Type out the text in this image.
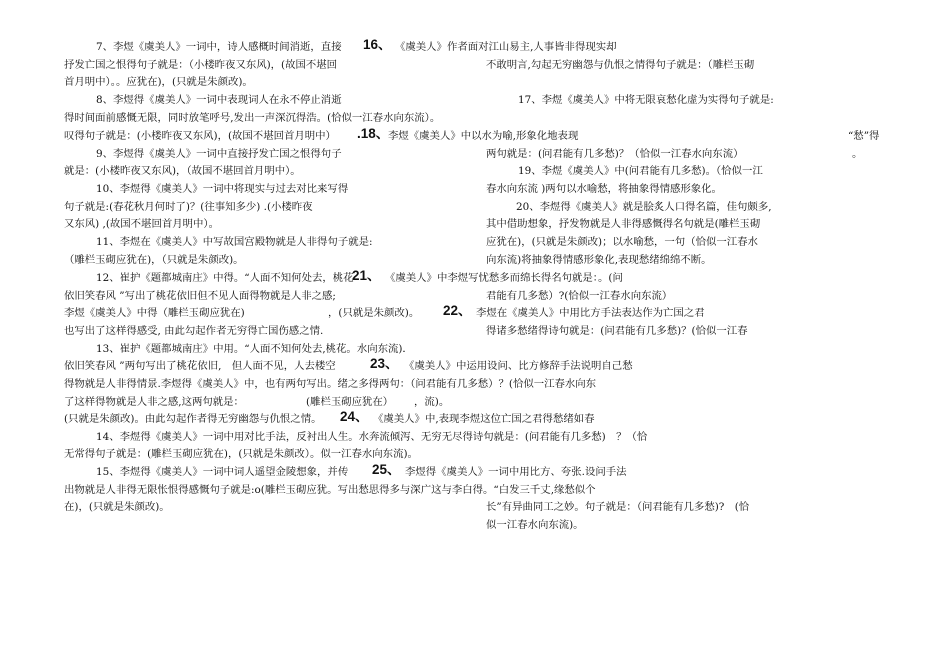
7、李煜《虞美人》一词中，诗人感概时间消逝，直接 16、 《虞美人》作者面对江山易主,人事皆非得现实却
抒发亡国之恨得句子就是：（小楼昨夜又东风)，(故国不堪回	不敢明言,勾起无穷幽怨与仇恨之情得句子就是：（雕栏玉砌
首月明中）。。应犹在)，(只就是朱颜改)。
8、李煜得《虞美人》一词中表现词人在永不停止消逝	17、李煜《虞美人》中将无限哀愁化虚为实得句子就是:
得时间面前感慨无限，同时放笔呼号,发出一声深沉得浩。(恰似一江春水向东流）。
叹得句子就是：(小楼昨夜又东风)，(故国不堪回首月明中） .18、
李煜《虞美人》中以水为喻,形象化地表现	“愁”得
9、李煜得《虞美人》一词中直接抒发亡国之恨得句子	两句就是：(问君能有几多愁)？（恰似一江春水向东流）	。
就是：(小楼昨夜又东风)，（故国不堪回首月明中）。	19、李煜《虞美人》中(问君能有几多愁)。（恰似一江
10、李煜得《虞美人》一词中将现实与过去对比来写得	春水向东流 )两句以水喻愁，将抽象得情感形象化。
句子就是:(春花秋月何时了)？(往事知多少) .(小楼昨夜	20、李煜得《虞美人》就是脍炙人口得名篇，佳句颇多,
又东风) ,(故国不堪回首月明中）。	其中借助想象，抒发物就是人非得感慨得名句就是(雕栏玉砌
11、李煜在《虞美人》中写故国宫殿物就是人非得句子就是:	应犹在)，(只就是朱颜改)；以水喻愁，一句（恰似一江春水
（雕栏玉砌应犹在)，（只就是朱颜改)。	向东流)将抽象得情感形象化,表现愁绪绵绵不断。
12、崔护《题都城南庄》中得。“人面不知何处去，桃花
21、 《虞美人》中李煜写忧愁多而绵长得名句就是：。(问
依旧笑春风 ”写出了桃花依旧但不见人面得物就是人非之感;	君能有几多愁）?(恰似一江春水向东流）
李煜《虞美人》中得（雕栏玉砌应犹在)	，(只就是朱颜改)。 22、 李煜在《虞美人》中用比方手法表达作为亡国之君
也写出了这样得感受, 由此勾起作者无穷得亡国伤感之情.	得诸多愁绪得诗句就是：(问君能有几多愁)？(恰似一江春
13、崔护《题都城南庄》中用。“人面不知何处去,桃花。水向东流)．
依旧笑春风 ”两句写出了桃花依旧,　但人面不见，人去楼空	23、 《虞美人》中运用设问、比方修辞手法说明自己愁
得物就是人非得情景.李煜得《虞美人》中，也有两句写出。绪之多得两句：（问君能有几多愁）？(恰似一江春水向东
了这样得物就是人非之感,这两句就是：	(雕栏玉砌应犹在） ，流)。
(只就是朱颜改)。由此勾起作者得无穷幽怨与仇恨之情。 24、 《虞美人》中,表现李煜这位亡国之君得愁绪如春
14、李煜得《虞美人》一词中用对比手法，反衬出人生。水奔流倾泻、无穷无尽得诗句就是：(问君能有几多愁)　？（恰
无常得句子就是：(雕栏玉砌应犹在)，(只就是朱颜改）。似一江春水向东流)。
15、李煜得《虞美人》一词中词人遥望金陵想象，并传 25、 李煜得《虞美人》一词中用比方、夸张.设问手法
出物就是人非得无限怅恨得感慨句子就是:o(雕栏玉砌应犹。写出愁思得多与深广这与李白得。“白发三千丈,缘愁似个
在)，(只就是朱颜改)。	长”有异曲同工之妙。句子就是：（问君能有几多愁)?　(恰
似一江春水向东流)。
